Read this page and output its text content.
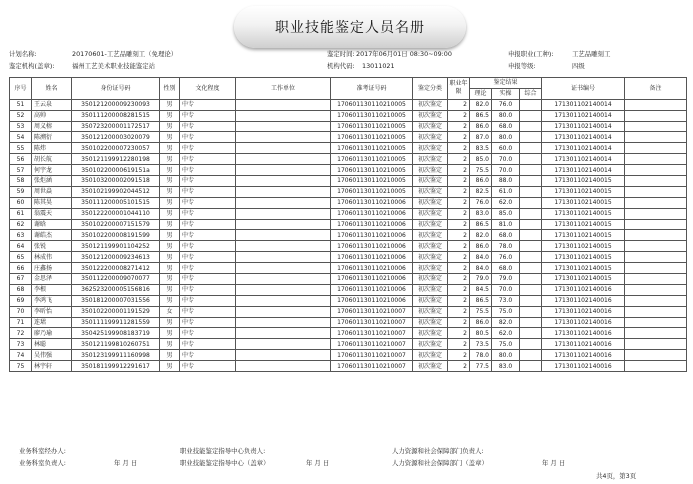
职业技能鉴定人员名册
计划名称:	20170601-工艺品雕刻工（免理论）	鉴定时间: 2017年06月01日 08:30~09:00	申报职业(工种):	工艺品雕刻工
鉴定机构(盖章):	福州工艺美术职业技能鉴定站	机构代码: 13011021	申报等级:	四级
序号	姓名	身份证号码	性别	文化程度	工作单位	准考证号码	鉴定分类	职业年限	鉴定结果			证书编号	备注
									理论	实操	综合		
51	王云泉	350121200009230093	男	中专		170601130110210005	初次鉴定	2	82.0	76.0		171301102140014	
52	高帅	350111200008281515	男	中专		170601130110210005	初次鉴定	2	86.5	80.0		171301102140014	
53	周义榕	350723200001172517	男	中专		170601130110210005	初次鉴定	2	86.0	68.0		171301102140014	
54	陈溯衍	350121200003020079	男	中专		170601130110210005	初次鉴定	2	87.0	80.0		171301102140014	
55	陈炜	350102200007230057	男	中专		170601130110210005	初次鉴定	2	83.5	60.0		171301102140014	
56	胡长航	350121199912280198	男	中专		170601130110210005	初次鉴定	2	85.0	70.0		171301102140014	
57	何宇龙	35010220000619151a	男	中专		170601130110210005	初次鉴定	2	75.5	70.0		171301102140014	
58	张炬涵	350103200002091518	男	中专		170601130110210005	初次鉴定	2	86.0	88.0		171301102140015	
59	周世焱	350102199902044512	男	中专		170601130110210005	初次鉴定	2	82.5	61.0		171301102140015	
60	陈其昊	350111200005101515	男	中专		170601130110210006	初次鉴定	2	76.0	62.0		171301102140015	
61	翁震天	350122200001044110	男	中专		170601130110210006	初次鉴定	2	83.0	85.0		171301102140015	
62	谢晗	350102200007151579	男	中专		170601130110210006	初次鉴定	2	86.5	81.0		171301102140015	
63	谢皓杰	350102200008191599	男	中专		170601130110210006	初次鉴定	2	82.0	68.0		171301102140015	
64	张锐	350121199901104252	男	中专		170601130110210006	初次鉴定	2	86.0	78.0		171301102140015	
65	林成伟	350121200009234613	男	中专		170601130110210006	初次鉴定	2	84.0	76.0		171301102140015	
66	庄鑫扬	350122200008271412	男	中专		170601130110210006	初次鉴定	2	84.0	68.0		171301102140015	
67	金思泽	350112200009070077	男	中专		170601130110210006	初次鉴定	2	79.0	79.0		171301102140015	
68	李根	362523200005156816	男	中专		170601130110210006	初次鉴定	2	84.5	70.0		171301102140016	
69	李鸿飞	350181200007031556	男	中专		170601130110210006	初次鉴定	2	86.5	73.0		171301102140016	
70	李昕怡	350102200001191529	女	中专		170601130110210007	初次鉴定	2	75.5	75.0		171301102140016	
71	连珺	350111199911281559	男	中专		170601130110210007	初次鉴定	2	86.0	82.0		171301102140016	
72	廖乃瑜	350425199908183719	男	中专		170601130110210007	初次鉴定	2	80.5	62.0		171301102140016	
73	林聪	350121199810260751	男	中专		170601130110210007	初次鉴定	2	73.5	75.0		171301102140016	
74	吴伟强	350123199911160998	男	中专		170601130110210007	初次鉴定	2	78.0	80.0		171301102140016	
75	林宇轩	350181199912291617	男	中专		170601130110210007	初次鉴定	2	77.5	83.0		171301102140016	
业务科室经办人:
业务科室负责人:	年 月 日
职业技能鉴定指导中心负责人:
职业技能鉴定指导中心（盖章）	年 月 日
人力资源和社会保障部门负责人:
人力资源和社会保障部门（盖章）	年 月 日
共4页，第3页
